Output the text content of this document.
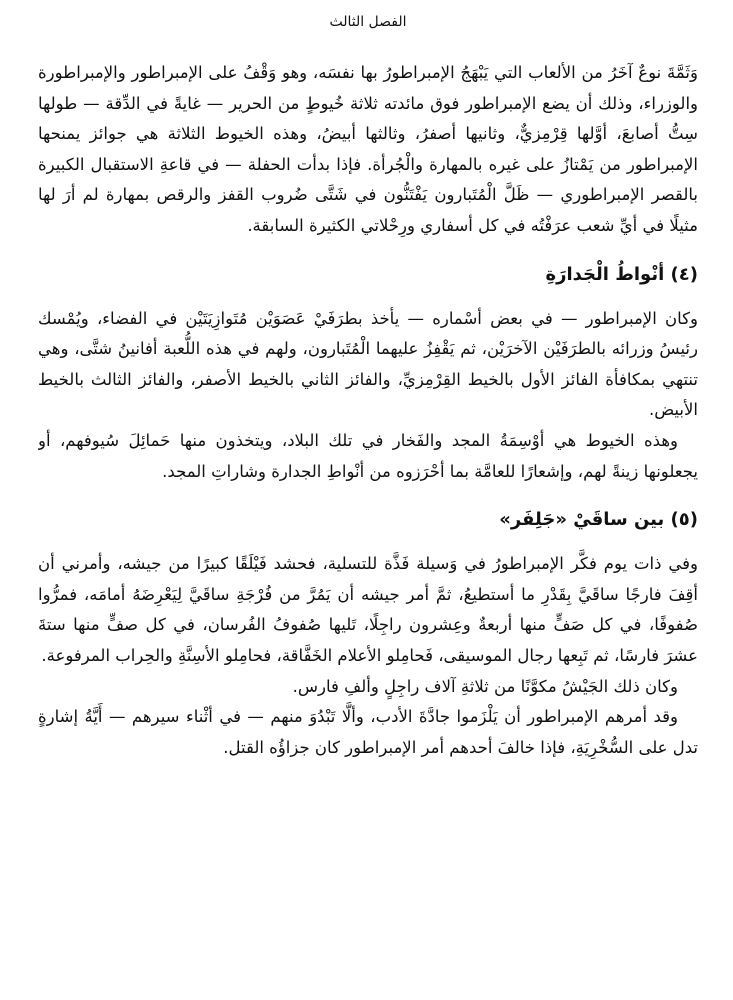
الفصل الثالث

وَثَمَّةَ نوعٌ آخَرُ من الألعاب التي يَبْهَجُ الإمبراطورُ بها نفسَه، وهو وَقْفُ على الإمبراطور والإمبراطورة والوزراء، وذلك أن يضع الإمبراطور فوق مائدته ثلاثة خُيوطٍ من الحرير — غايةً في الدِّقة — طولها سِتُّ أصابعَ، أوَّلها قِرْمِزيٌّ، وثانيها أصفرُ، وثالثها أبيضُ، وهذه الخيوط الثلاثة هي جوائز يمنحها الإمبراطور من يَمْتازُ على غيره بالمهارة والْجُرأة. فإذا بدأت الحفلة — في قاعةِ الاستقبال الكبيرة بالقصر الإمبراطوري — ظَلَّ الْمُتَبارون يَفْتَنُّون في شَتَّى ضُروب القفز والرقص بمهارة لم أرَ لها مثيلًا في أيِّ شعب عرَفْتُه في كل أسفاري ورِحْلاتي الكثيرة السابقة.

(٤) أنْواطُ الْجَدارَةِ

وكان الإمبراطور — في بعض أسْماره — يأخذ بطرَفَيْ عَصَوَيْن مُتَوازِيَتَيْن في الفضاء، ويُمْسك رئيسُ وزرائه بالطرَفَيْن الآخرَيْن، ثم يَقْفِزُ عليهما الْمُتَبارون، ولهم في هذه اللُّعبة أفانينُ شتَّى، وهي تنتهي بمكافأة الفائز الأول بالخيط القِرْمِزيِّ، والفائز الثاني بالخيط الأصفر، والفائز الثالث بالخيط الأبيض.

وهذه الخيوط هي أوْسِمَةُ المجد والفَخار في تلك البلاد، ويتخذون منها حَمائِلَ سُيوفهم، أو يجعلونها زينةً لهم، وإشعارًا للعامَّة بما أحْرَزوه من أنْواطِ الجدارة وشاراتِ المجد.

(٥) بين ساقَيْ «جَلِفَر»

وفي ذات يوم فكَّر الإمبراطورُ في وَسيلة فَذَّة للتسلية، فحشد فَيْلَقًا كبيرًا من جيشه، وأمرني أن أقِفَ فارجًا ساقَيَّ بِقَدْرِ ما أستطيعُ، ثمَّ أمر جيشه أن يَمُرَّ من فُرْجَةِ ساقَيَّ لِيَعْرِضَهُ أمامَه، فمرُّوا صُفوفًا، في كل صَفٍّ منها أربعةٌ وعِشرون راجِلًا، تَليها صُفوفُ الفُرسان، في كل صفٍّ منها ستةَ عشرَ فارسًا، ثم تَبِعها رجال الموسيقى، فَحامِلو الأعلام الخَفَّاقة، فحامِلو الأسِنَّةِ والحِراب المرفوعة.

وكان ذلك الجَيْشُ مكوَّنًا من ثلاثةِ آلاف راجِلٍ وألفِ فارس.

وقد أمرهم الإمبراطور أن يَلْزَموا جادَّةَ الأدب، وألَّا تَبْدُوَ منهم — في أثْناء سيرهم — أَيَّةُ إشارةٍ تدل على السُّخْرِيَةِ، فإذا خالفَ أحدهم أمر الإمبراطور كان جزاؤُه القتل.
